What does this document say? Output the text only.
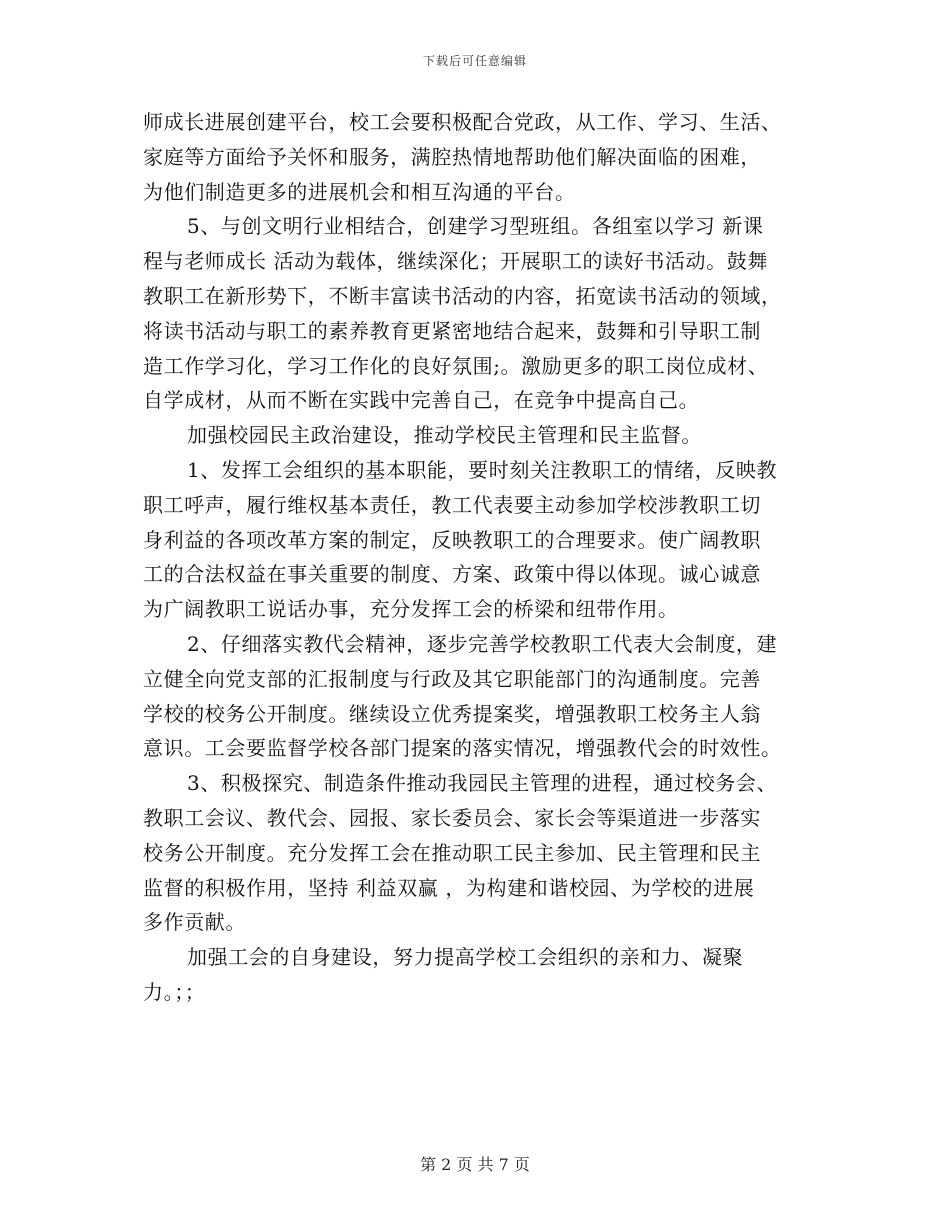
下载后可任意编辑
师成长进展创建平台，校工会要积极配合党政，从工作、学习、生活、
家庭等方面给予关怀和服务，满腔热情地帮助他们解决面临的困难，
为他们制造更多的进展机会和相互沟通的平台。
5、与创文明行业相结合，创建学习型班组。各组室以学习 新课
程与老师成长 活动为载体，继续深化；开展职工的读好书活动。鼓舞
教职工在新形势下，不断丰富读书活动的内容，拓宽读书活动的领域，
将读书活动与职工的素养教育更紧密地结合起来，鼓舞和引导职工制
造工作学习化，学习工作化的良好氛围;。激励更多的职工岗位成材、
自学成材，从而不断在实践中完善自己，在竞争中提高自己。
加强校园民主政治建设，推动学校民主管理和民主监督。
1、发挥工会组织的基本职能，要时刻关注教职工的情绪，反映教
职工呼声，履行维权基本责任，教工代表要主动参加学校涉教职工切
身利益的各项改革方案的制定，反映教职工的合理要求。使广阔教职
工的合法权益在事关重要的制度、方案、政策中得以体现。诚心诚意
为广阔教职工说话办事，充分发挥工会的桥梁和纽带作用。
2、仔细落实教代会精神，逐步完善学校教职工代表大会制度，建
立健全向党支部的汇报制度与行政及其它职能部门的沟通制度。完善
学校的校务公开制度。继续设立优秀提案奖，增强教职工校务主人翁
意识。工会要监督学校各部门提案的落实情况，增强教代会的时效性。
3、积极探究、制造条件推动我园民主管理的进程，通过校务会、
教职工会议、教代会、园报、家长委员会、家长会等渠道进一步落实
校务公开制度。充分发挥工会在推动职工民主参加、民主管理和民主
监督的积极作用，坚持 利益双赢 ，为构建和谐校园、为学校的进展
多作贡献。
加强工会的自身建设，努力提高学校工会组织的亲和力、凝聚
力。；；
第 2 页 共 7 页
